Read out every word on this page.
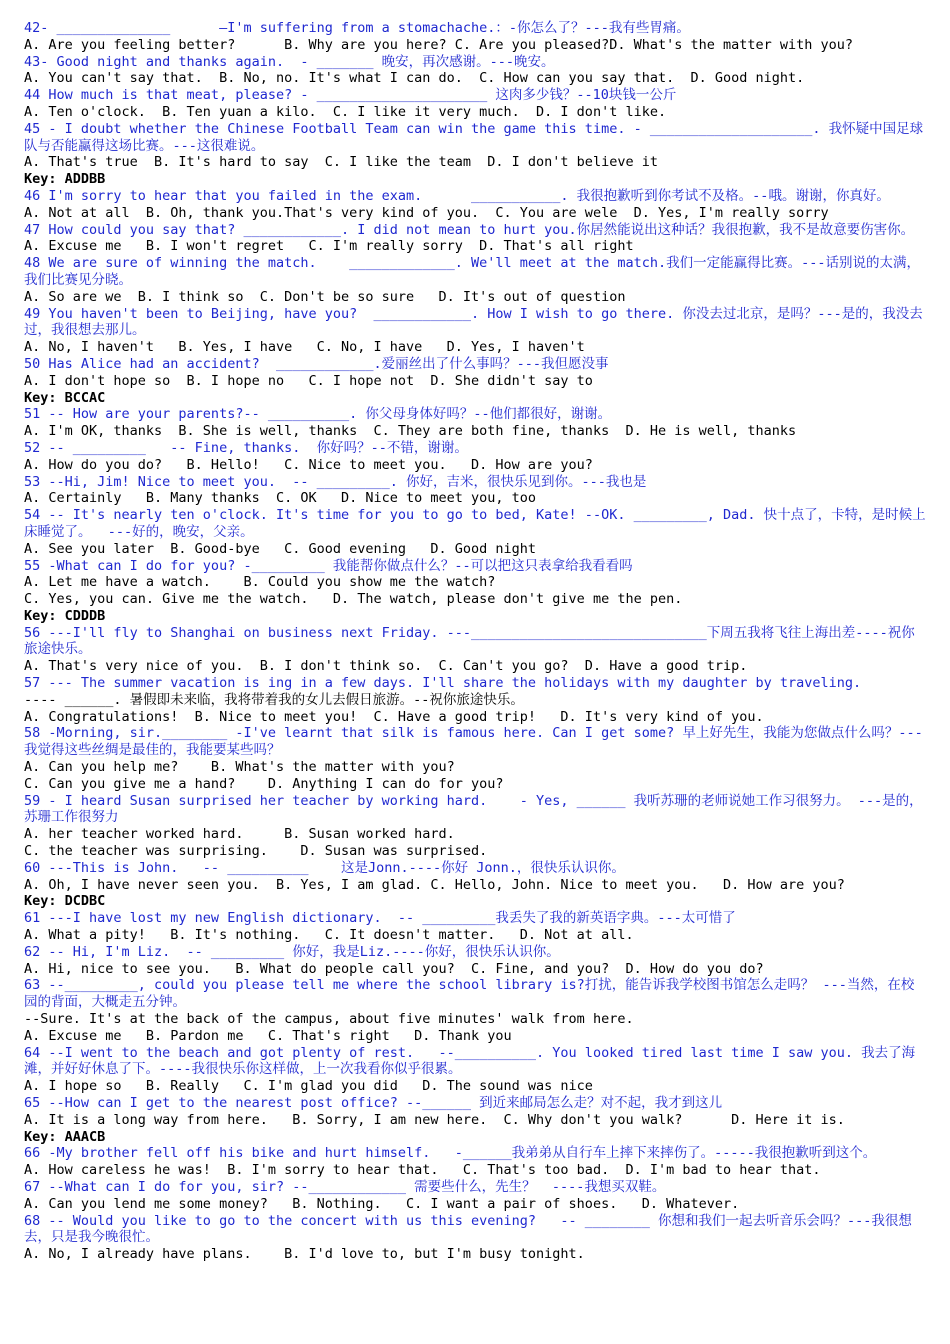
42- ______________      —I'm suffering from a stomachache.：-你怎么了？---我有些胃痛。
A. Are you feeling better?      B. Why are you here? C. Are you pleased?D. What's the matter with you?
43- Good night and thanks again.  - _______ 晚安，再次感谢。---晚安。
A. You can't say that.  B. No, no. It's what I can do.  C. How can you say that.  D. Good night.
44 How much is that meat, please? - _____________________ 这肉多少钱？--10块钱一公斤
A. Ten o'clock.  B. Ten yuan a kilo.  C. I like it very much.  D. I don't like.
45 - I doubt whether the Chinese Football Team can win the game this time. - ____________________. 我怀疑中国足球队与否能赢得这场比赛。---这很难说。
A. That's true  B. It's hard to say  C. I like the team  D. I don't believe it
Key: ADDBB
46 I'm sorry to hear that you failed in the exam.      ___________. 我很抱歉听到你考试不及格。--哦。谢谢，你真好。
A. Not at all  B. Oh, thank you.That's very kind of you.  C. You are wele  D. Yes, I'm really sorry
47 How could you say that? ____________. I did not mean to hurt you.你居然能说出这种话？我很抱歉，我不是故意要伤害你。
A. Excuse me   B. I won't regret   C. I'm really sorry  D. That's all right
48 We are sure of winning the match.    _____________. We'll meet at the match.我们一定能赢得比赛。---话别说的太满，我们比赛见分晓。
A. So are we  B. I think so  C. Don't be so sure   D. It's out of question
49 You haven't been to Beijing, have you?  ____________. How I wish to go there. 你没去过北京，是吗？---是的，我没去过，我很想去那儿。
A. No, I haven't   B. Yes, I have   C. No, I have   D. Yes, I haven't
50 Has Alice had an accident?  ____________.爱丽丝出了什么事吗？---我但愿没事
A. I don't hope so  B. I hope no   C. I hope not  D. She didn't say to
Key: BCCAC
51 -- How are your parents?-- __________. 你父母身体好吗？--他们都很好，谢谢。
A. I'm OK, thanks  B. She is well, thanks  C. They are both fine, thanks  D. He is well, thanks
52 -- _________   -- Fine, thanks.  你好吗？--不错，谢谢。
A. How do you do?   B. Hello!   C. Nice to meet you.   D. How are you?
53 --Hi, Jim! Nice to meet you.  -- _________. 你好，吉米，很快乐见到你。---我也是
A. Certainly   B. Many thanks  C. OK   D. Nice to meet you, too
54 -- It's nearly ten o'clock. It's time for you to go to bed, Kate! --OK. _________, Dad. 快十点了，卡特，是时候上床睡觉了。  ---好的，晚安，父亲。
A. See you later  B. Good-bye   C. Good evening   D. Good night
55 -What can I do for you? -_________ 我能帮你做点什么？--可以把这只表拿给我看看吗
A. Let me have a watch.    B. Could you show me the watch?
C. Yes, you can. Give me the watch.   D. The watch, please don't give me the pen.
Key: CDDDB
56 ---I'll fly to Shanghai on business next Friday. ---_____________________________下周五我将飞往上海出差----祝你旅途快乐。
A. That's very nice of you.  B. I don't think so.  C. Can't you go?  D. Have a good trip.
57 --- The summer vacation is ing in a few days. I'll share the holidays with my daughter by traveling.
---- ______. 暑假即未来临，我将带着我的女儿去假日旅游。--祝你旅途快乐。
A. Congratulations!  B. Nice to meet you!  C. Have a good trip!   D. It's very kind of you.
58 -Morning, sir.________ -I've learnt that silk is famous here. Can I get some? 早上好先生，我能为您做点什么吗？---我觉得这些丝绸是最佳的，我能要某些吗？
A. Can you help me?    B. What's the matter with you?
C. Can you give me a hand?    D. Anything I can do for you?
59 - I heard Susan surprised her teacher by working hard.    - Yes, ______ 我听苏珊的老师说她工作习很努力。 ---是的，苏珊工作很努力
A. her teacher worked hard.     B. Susan worked hard.
C. the teacher was surprising.    D. Susan was surprised.
60 ---This is John.   -- __________    这是Jonn.----你好 Jonn.，很快乐认识你。
A. Oh, I have never seen you.  B. Yes, I am glad. C. Hello, John. Nice to meet you.   D. How are you?
Key: DCDBC
61 ---I have lost my new English dictionary.  -- _________我丢失了我的新英语字典。---太可惜了
A. What a pity!   B. It's nothing.   C. It doesn't matter.   D. Not at all.
62 -- Hi, I'm Liz.  -- _________ 你好，我是Liz.----你好，很快乐认识你。
A. Hi, nice to see you.   B. What do people call you?  C. Fine, and you?  D. How do you do?
63 --_________, could you please tell me where the school library is?打扰，能告诉我学校图书馆怎么走吗？ ---当然，在校园的背面，大概走五分钟。
--Sure. It's at the back of the campus, about five minutes' walk from here.
A. Excuse me   B. Pardon me   C. That's right   D. Thank you
64 --I went to the beach and got plenty of rest.   --__________. You looked tired last time I saw you. 我去了海滩，并好好休息了下。----我很快乐你这样做，上一次我看你似乎很累。
A. I hope so   B. Really   C. I'm glad you did   D. The sound was nice
65 --How can I get to the nearest post office? --______ 到近来邮局怎么走？对不起，我才到这儿
A. It is a long way from here.   B. Sorry, I am new here.  C. Why don't you walk?      D. Here it is.
Key: AAACB
66 -My brother fell off his bike and hurt himself.   -______我弟弟从自行车上摔下来摔伤了。-----我很抱歉听到这个。
A. How careless he was!  B. I'm sorry to hear that.   C. That's too bad.  D. I'm bad to hear that.
67 --What can I do for you, sir? --____________ 需要些什么，先生？  ----我想买双鞋。
A. Can you lend me some money?   B. Nothing.   C. I want a pair of shoes.   D. Whatever.
68 -- Would you like to go to the concert with us this evening?   -- ________ 你想和我们一起去听音乐会吗？---我很想去，只是我今晚很忙。
A. No, I already have plans.    B. I'd love to, but I'm busy tonight.
